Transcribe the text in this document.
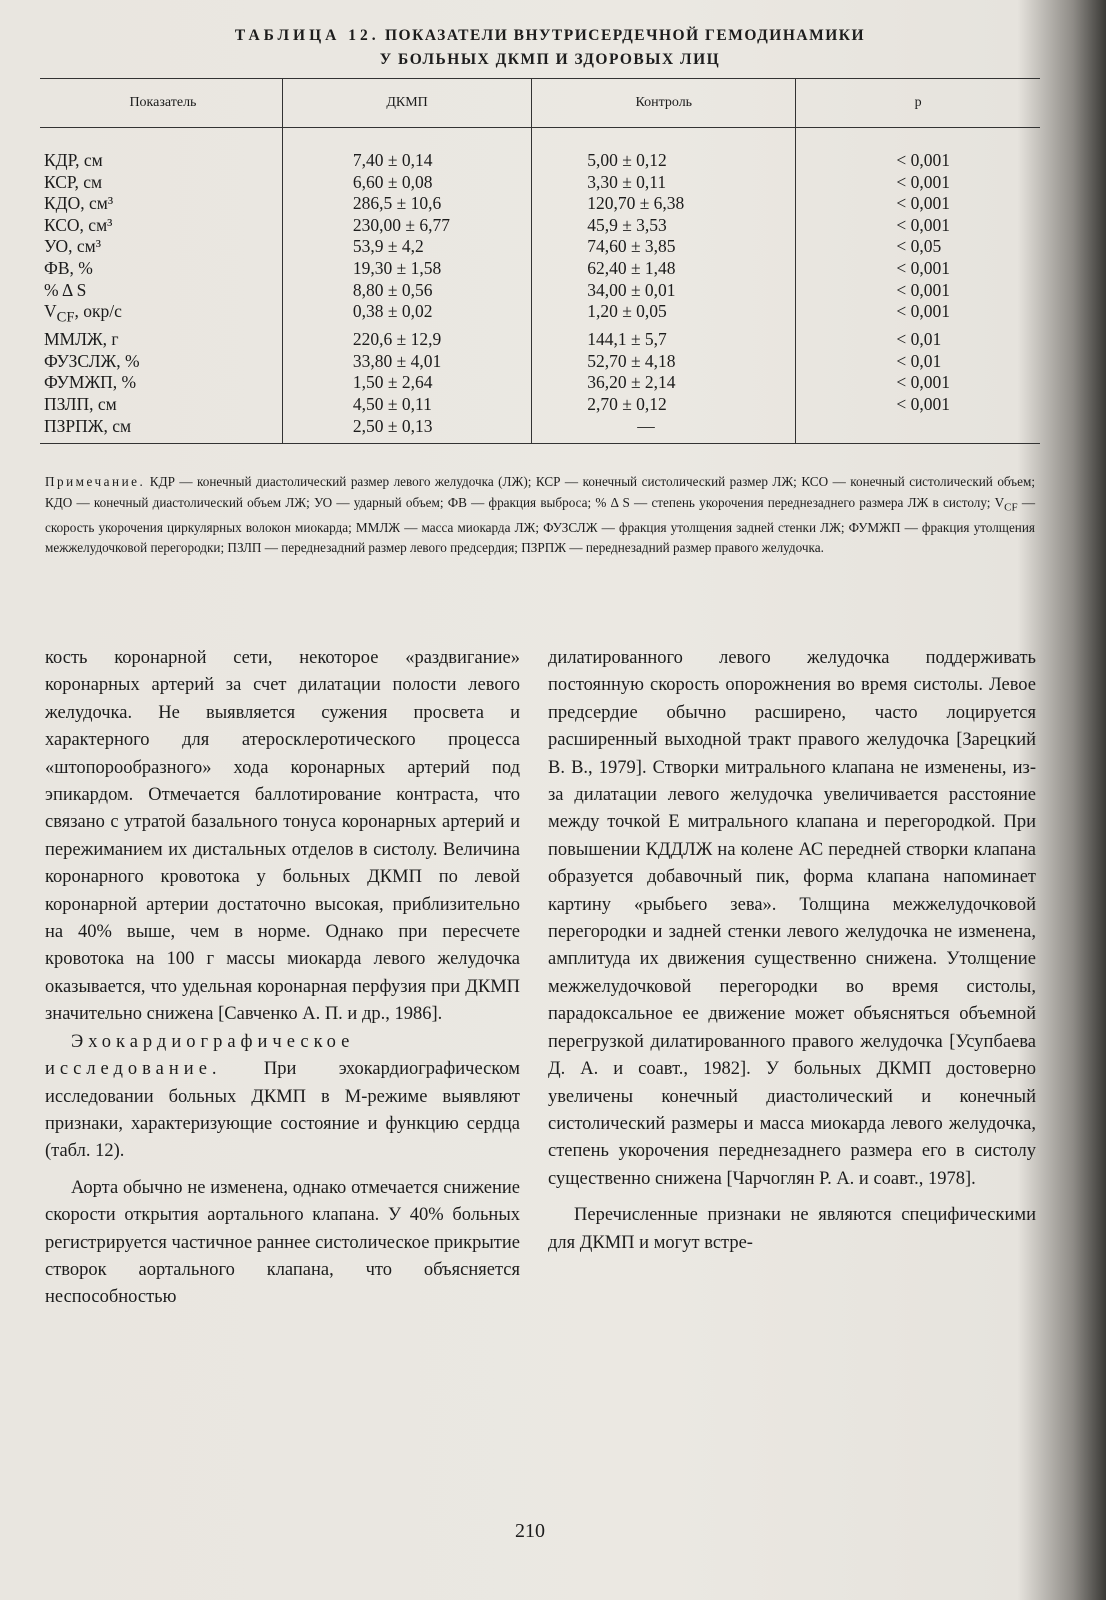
ТАБЛИЦА 12. ПОКАЗАТЕЛИ ВНУТРИСЕРДЕЧНОЙ ГЕМОДИНАМИКИ
У БОЛЬНЫХ ДКМП И ЗДОРОВЫХ ЛИЦ
Показатель	ДКМП	Контроль	p
КДР, см	7,40 ± 0,14	5,00 ± 0,12	< 0,001
КСР, см	6,60 ± 0,08	3,30 ± 0,11	< 0,001
КДО, см³	286,5 ± 10,6	120,70 ± 6,38	< 0,001
КСО, см³	230,00 ± 6,77	45,9 ± 3,53	< 0,001
УО, см³	53,9 ± 4,2	74,60 ± 3,85	< 0,05
ФВ, %	19,30 ± 1,58	62,40 ± 1,48	< 0,001
% Δ S	8,80 ± 0,56	34,00 ± 0,01	< 0,001
$V_{CF}$, окр/с	0,38 ± 0,02	1,20 ± 0,05	< 0,001
ММЛЖ, г	220,6 ± 12,9	144,1 ± 5,7	< 0,01
ФУЗСЛЖ, %	33,80 ± 4,01	52,70 ± 4,18	< 0,01
ФУМЖП, %	1,50 ± 2,64	36,20 ± 2,14	< 0,001
ПЗЛП, см	4,50 ± 0,11	2,70 ± 0,12	< 0,001
ПЗРПЖ, см	2,50 ± 0,13	—	
Примечание. КДР — конечный диастолический размер левого желудочка (ЛЖ); КСР — конечный систолический размер ЛЖ; КСО — конечный систолический объем; КДО — конечный диастолический объем ЛЖ; УО — ударный объем; ФВ — фракция выброса; % Δ S — степень укорочения переднезаднего размера ЛЖ в систолу; $V_{CF}$ — скорость укорочения циркулярных волокон миокарда; ММЛЖ — масса миокарда ЛЖ; ФУЗСЛЖ — фракция утолщения задней стенки ЛЖ; ФУМЖП — фракция утолщения межжелудочковой перегородки; ПЗЛП — переднезадний размер левого предсердия; ПЗРПЖ — переднезадний размер правого желудочка.

кость коронарной сети, некоторое «раздвигание» коронарных артерий за счет дилатации полости левого желудочка. Не выявляется сужения просвета и характерного для атеросклеротического процесса «штопорообразного» хода коронарных артерий под эпикардом. Отмечается баллотирование контраста, что связано с утратой базального тонуса коронарных артерий и пережиманием их дистальных отделов в систолу. Величина коронарного кровотока у больных ДКМП по левой коронарной артерии достаточно высокая, приблизительно на 40% выше, чем в норме. Однако при пересчете кровотока на 100 г массы миокарда левого желудочка оказывается, что удельная коронарная перфузия при ДКМП значительно снижена [Савченко А. П. и др., 1986].

Эхокардиографическое исследование. При эхокардиографическом исследовании больных ДКМП в М-режиме выявляют признаки, характеризующие состояние и функцию сердца (табл. 12).

Аорта обычно не изменена, однако отмечается снижение скорости открытия аортального клапана. У 40% больных регистрируется частичное раннее систолическое прикрытие створок аортального клапана, что объясняется неспособностью

дилатированного левого желудочка поддерживать постоянную скорость опорожнения во время систолы. Левое предсердие обычно расширено, часто лоцируется расширенный выходной тракт правого желудочка [Зарецкий В. В., 1979]. Створки митрального клапана не изменены, из-за дилатации левого желудочка увеличивается расстояние между точкой Е митрального клапана и перегородкой. При повышении КДДЛЖ на колене АС передней створки клапана образуется добавочный пик, форма клапана напоминает картину «рыбьего зева». Толщина межжелудочковой перегородки и задней стенки левого желудочка не изменена, амплитуда их движения существенно снижена. Утолщение межжелудочковой перегородки во время систолы, парадоксальное ее движение может объясняться объемной перегрузкой дилатированного правого желудочка [Усупбаева Д. А. и соавт., 1982]. У больных ДКМП достоверно увеличены конечный диастолический и конечный систолический размеры и масса миокарда левого желудочка, степень укорочения переднезаднего размера его в систолу существенно снижена [Чарчоглян Р. А. и соавт., 1978].

Перечисленные признаки не являются специфическими для ДКМП и могут встре-

210
